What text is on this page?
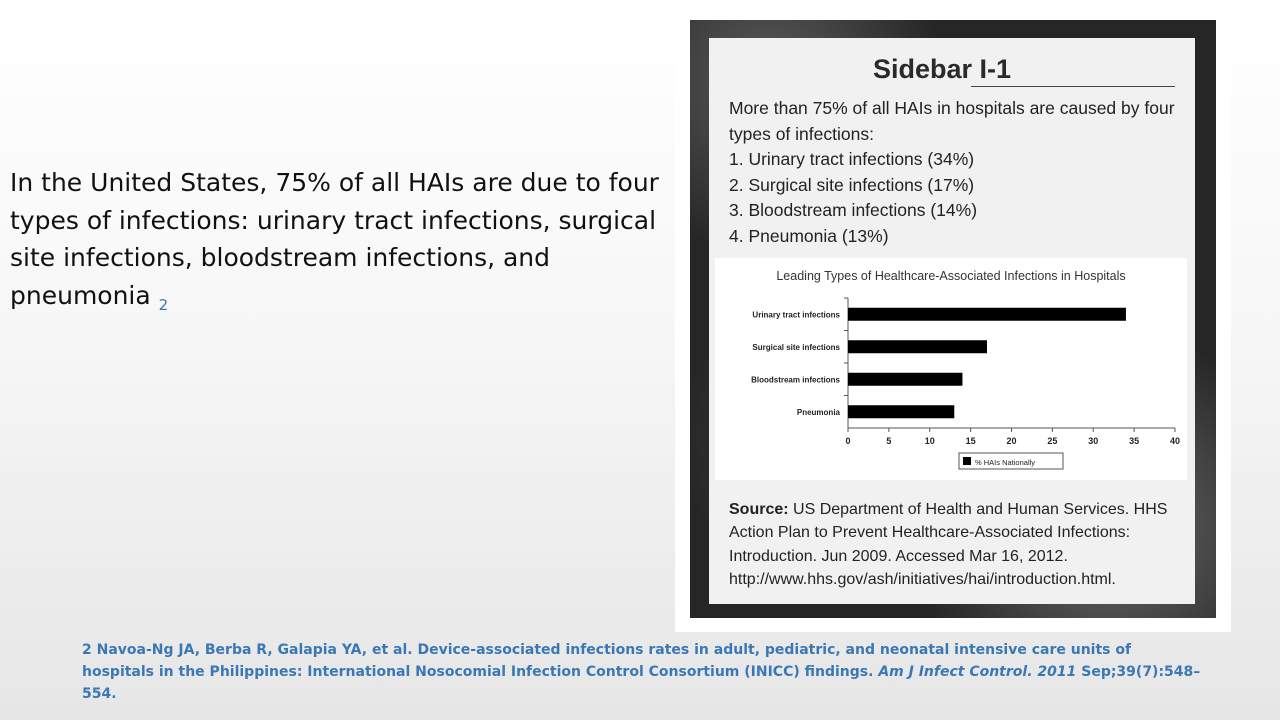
In the United States, 75% of all HAIs are due to four types of infections: urinary tract infections, surgical site infections, bloodstream infections, and pneumonia $_2$
Sidebar I-1
More than 75% of all HAIs in hospitals are caused by four types of infections:
1. Urinary tract infections (34%)
2. Surgical site infections (17%)
3. Bloodstream infections (14%)
4. Pneumonia (13%)
Leading Types of Healthcare-Associated Infections in Hospitals
0	5	10	15	20	25	30	35	40
Urinary tract infections
Surgical site infections
Bloodstream infections
Pneumonia
% HAIs Nationally
Source: US Department of Health and Human Services. HHS Action Plan to Prevent Healthcare-Associated Infections: Introduction. Jun 2009. Accessed Mar 16, 2012. http://www.hhs.gov/ash/initiatives/hai/introduction.html.
2 Navoa-Ng JA, Berba R, Galapia YA, et al. Device-associated infections rates in adult, pediatric, and neonatal intensive care units of hospitals in the Philippines: International Nosocomial Infection Control Consortium (INICC) findings. Am J Infect Control. 2011 Sep;39(7):548–554.
